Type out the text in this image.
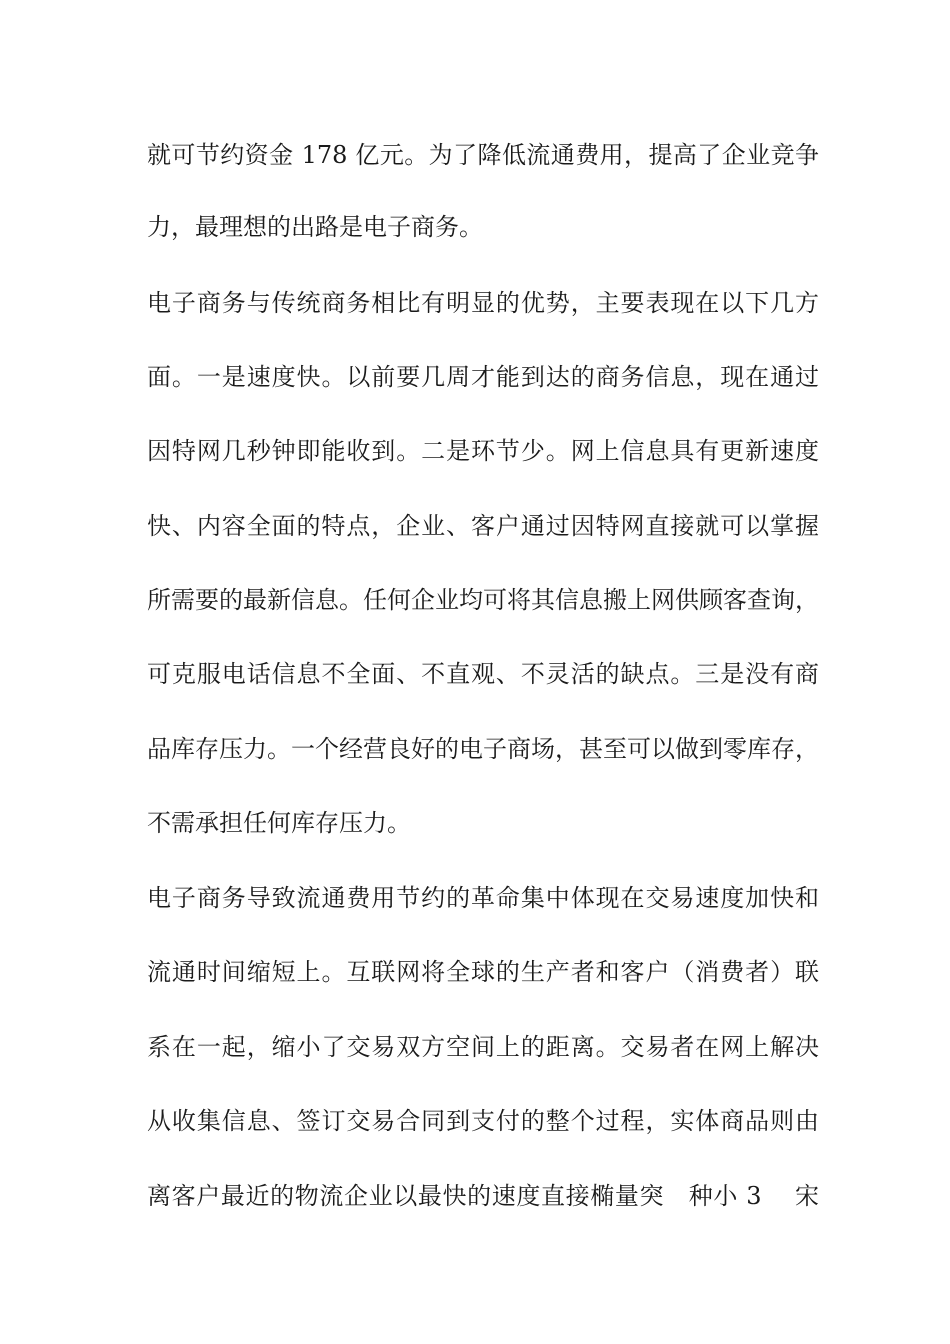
就可节约资金 178 亿元。为了降低流通费用，提高了企业竞争
力，最理想的出路是电子商务。
电子商务与传统商务相比有明显的优势，主要表现在以下几方
面。一是速度快。以前要几周才能到达的商务信息，现在通过
因特网几秒钟即能收到。二是环节少。网上信息具有更新速度
快、内容全面的特点，企业、客户通过因特网直接就可以掌握
所需要的最新信息。任何企业均可将其信息搬上网供顾客查询，
可克服电话信息不全面、不直观、不灵活的缺点。三是没有商
品库存压力。一个经营良好的电子商场，甚至可以做到零库存，
不需承担任何库存压力。
电子商务导致流通费用节约的革命集中体现在交易速度加快和
流通时间缩短上。互联网将全球的生产者和客户（消费者）联
系在一起，缩小了交易双方空间上的距离。交易者在网上解决
从收集信息、签订交易合同到支付的整个过程，实体商品则由
离客户最近的物流企业以最快的速度直接椭量突　种小 3　 宋
